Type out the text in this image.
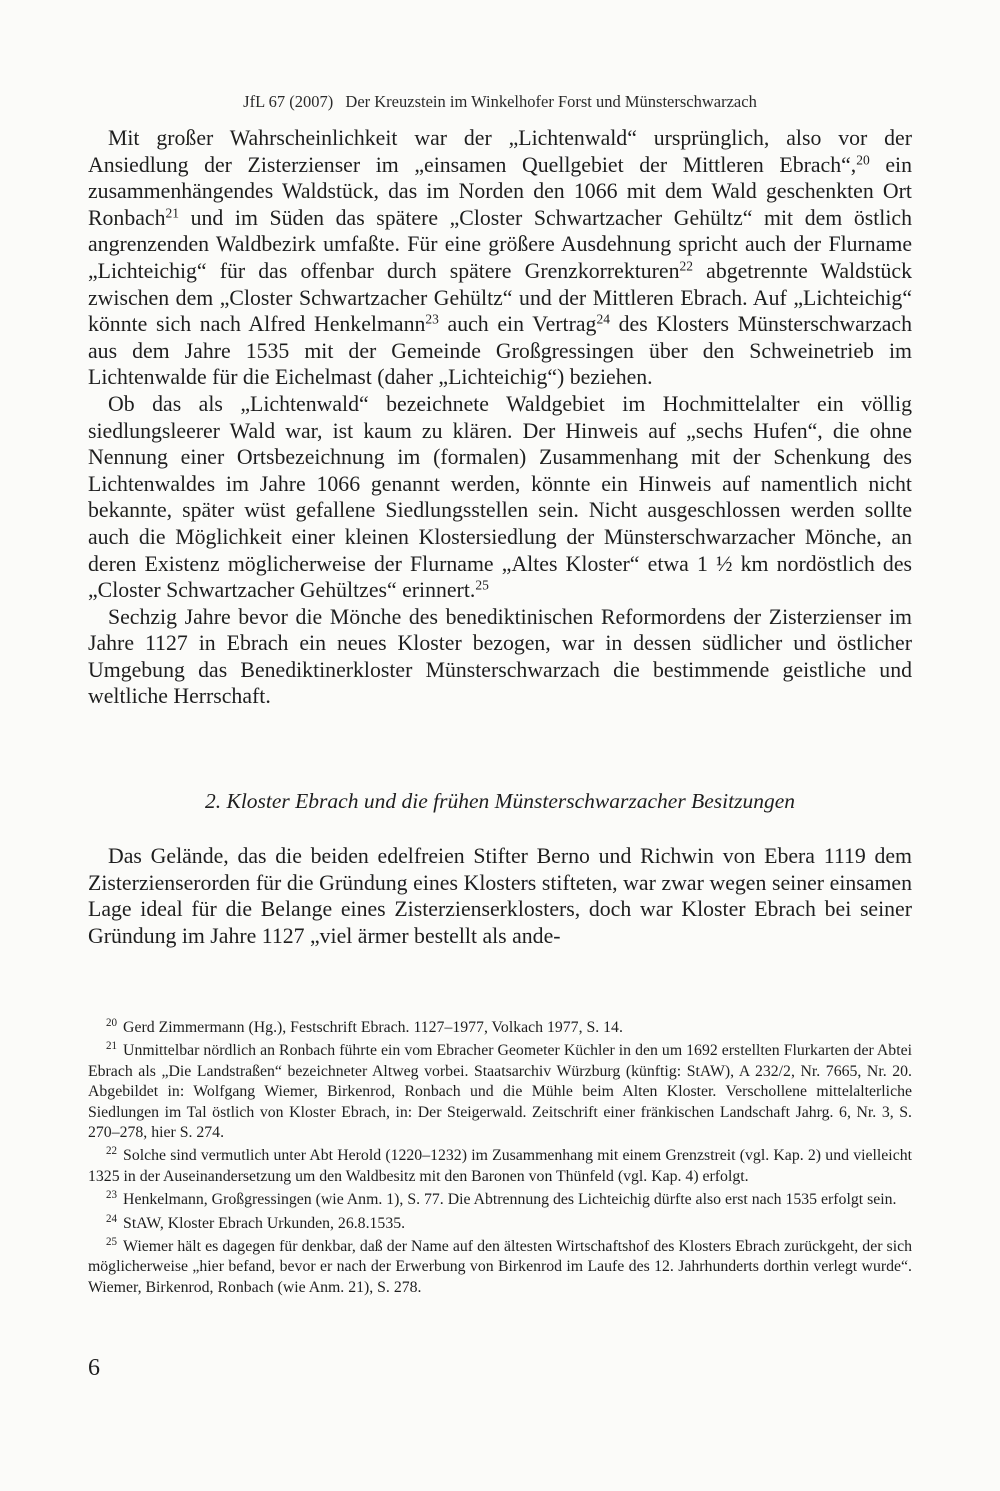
JfL 67 (2007) Der Kreuzstein im Winkelhofer Forst und Münsterschwarzach

Mit großer Wahrscheinlichkeit war der „Lichtenwald“ ursprünglich, also vor der Ansiedlung der Zisterzienser im „einsamen Quellgebiet der Mittleren Ebrach“,$^{20}$ ein zusammenhängendes Waldstück, das im Norden den 1066 mit dem Wald geschenkten Ort Ronbach$^{21}$ und im Süden das spätere „Closter Schwartzacher Gehültz“ mit dem östlich angrenzenden Waldbezirk umfaßte. Für eine größere Ausdehnung spricht auch der Flurname „Lichteichig“ für das offenbar durch spätere Grenzkorrekturen$^{22}$ abgetrennte Waldstück zwischen dem „Closter Schwartzacher Gehültz“ und der Mittleren Ebrach. Auf „Lichteichig“ könnte sich nach Alfred Henkelmann$^{23}$ auch ein Vertrag$^{24}$ des Klosters Münsterschwarzach aus dem Jahre 1535 mit der Gemeinde Großgressingen über den Schweinetrieb im Lichtenwalde für die Eichelmast (daher „Lichteichig“) beziehen.

Ob das als „Lichtenwald“ bezeichnete Waldgebiet im Hochmittelalter ein völlig siedlungsleerer Wald war, ist kaum zu klären. Der Hinweis auf „sechs Hufen“, die ohne Nennung einer Ortsbezeichnung im (formalen) Zusammenhang mit der Schenkung des Lichtenwaldes im Jahre 1066 genannt werden, könnte ein Hinweis auf namentlich nicht bekannte, später wüst gefallene Siedlungsstellen sein. Nicht ausgeschlossen werden sollte auch die Möglichkeit einer kleinen Klostersiedlung der Münsterschwarzacher Mönche, an deren Existenz möglicherweise der Flurname „Altes Kloster“ etwa 1 ½ km nordöstlich des „Closter Schwartzacher Gehültzes“ erinnert.$^{25}$

Sechzig Jahre bevor die Mönche des benediktinischen Reformordens der Zisterzienser im Jahre 1127 in Ebrach ein neues Kloster bezogen, war in dessen südlicher und östlicher Umgebung das Benediktinerkloster Münsterschwarzach die bestimmende geistliche und weltliche Herrschaft.

2. Kloster Ebrach und die frühen Münsterschwarzacher Besitzungen

Das Gelände, das die beiden edelfreien Stifter Berno und Richwin von Ebera 1119 dem Zisterzienserorden für die Gründung eines Klosters stifteten, war zwar wegen seiner einsamen Lage ideal für die Belange eines Zisterzienserklosters, doch war Kloster Ebrach bei seiner Gründung im Jahre 1127 „viel ärmer bestellt als ande-

$^{20}$ Gerd Zimmermann (Hg.), Festschrift Ebrach. 1127–1977, Volkach 1977, S. 14.

$^{21}$ Unmittelbar nördlich an Ronbach führte ein vom Ebracher Geometer Küchler in den um 1692 erstellten Flurkarten der Abtei Ebrach als „Die Landstraßen“ bezeichneter Altweg vorbei. Staatsarchiv Würzburg (künftig: StAW), A 232/2, Nr. 7665, Nr. 20. Abgebildet in: Wolfgang Wiemer, Birkenrod, Ronbach und die Mühle beim Alten Kloster. Verschollene mittelalterliche Siedlungen im Tal östlich von Kloster Ebrach, in: Der Steigerwald. Zeitschrift einer fränkischen Landschaft Jahrg. 6, Nr. 3, S. 270–278, hier S. 274.

$^{22}$ Solche sind vermutlich unter Abt Herold (1220–1232) im Zusammenhang mit einem Grenzstreit (vgl. Kap. 2) und vielleicht 1325 in der Auseinandersetzung um den Waldbesitz mit den Baronen von Thünfeld (vgl. Kap. 4) erfolgt.

$^{23}$ Henkelmann, Großgressingen (wie Anm. 1), S. 77. Die Abtrennung des Lichteichig dürfte also erst nach 1535 erfolgt sein.

$^{24}$ StAW, Kloster Ebrach Urkunden, 26.8.1535.

$^{25}$ Wiemer hält es dagegen für denkbar, daß der Name auf den ältesten Wirtschaftshof des Klosters Ebrach zurückgeht, der sich möglicherweise „hier befand, bevor er nach der Erwerbung von Birkenrod im Laufe des 12. Jahrhunderts dorthin verlegt wurde“. Wiemer, Birkenrod, Ronbach (wie Anm. 21), S. 278.

6
